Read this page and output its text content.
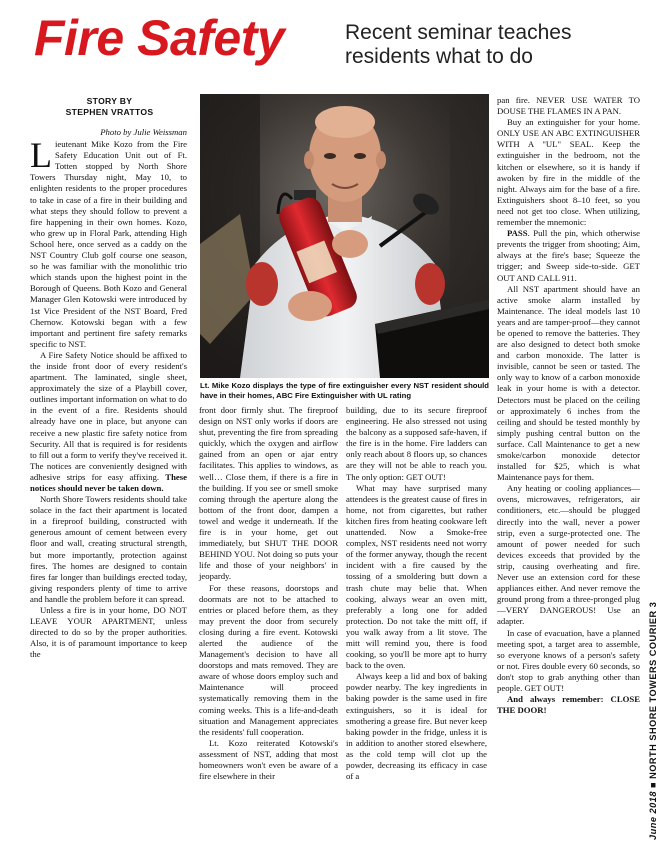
Fire Safety	Recent seminar teaches residents what to do
STORY BY
STEPHEN VRATTOS

Photo by Julie Weissman

Lieutenant Mike Kozo from the Fire Safety Education Unit out of Ft. Totten stopped by North Shore Towers Thursday night, May 10, to enlighten residents to the proper procedures to take in case of a fire in their building and what steps they should follow to prevent a fire happening in their own homes. Kozo, who grew up in Floral Park, attending High School here, once served as a caddy on the NST Country Club golf course one season, so he was familiar with the monolithic trio which stands upon the highest point in the Borough of Queens. Both Kozo and General Manager Glen Kotowski were introduced by 1st Vice President of the NST Board, Fred Chernow. Kotowski began with a few important and pertinent fire safety remarks specific to NST.

A Fire Safety Notice should be affixed to the inside front door of every resident's apartment. The laminated, single sheet, approximately the size of a Playbill cover, outlines important information on what to do in the event of a fire. Residents should already have one in place, but anyone can receive a new plastic fire safety notice from Security. All that is required is for residents to fill out a form to verify they've received it. The notices are conveniently designed with adhesive strips for easy affixing. These notices should never be taken down.

North Shore Towers residents should take solace in the fact their apartment is located in a fireproof building, constructed with generous amount of cement between every floor and wall, creating structural strength, but more importantly, protection against fires. The homes are designed to contain fires far longer than buildings erected today, giving responders plenty of time to arrive and handle the problem before it can spread.

Unless a fire is in your home, DO NOT LEAVE YOUR APARTMENT, unless directed to do so by the proper authorities. Also, it is of paramount importance to keep the

Lt. Mike Kozo displays the type of fire extinguisher every NST resident should have in their homes, ABC Fire Extinguisher with UL rating

front door firmly shut. The fireproof design on NST only works if doors are shut, preventing the fire from spreading quickly, which the oxygen and airflow gained from an open or ajar entry facilitates. This applies to windows, as well… Close them, if there is a fire in the building. If you see or smell smoke coming through the aperture along the bottom of the front door, dampen a towel and wedge it underneath. If the fire is in your home, get out immediately, but SHUT THE DOOR BEHIND YOU. Not doing so puts your life and those of your neighbors' in jeopardy.

For these reasons, doorstops and doormats are not to be attached to entries or placed before them, as they may prevent the door from securely closing during a fire event. Kotowski alerted the audience of the Management's decision to have all doorstops and mats removed. They are aware of whose doors employ such and Maintenance will proceed systematically removing them in the coming weeks. This is a life-and-death situation and Management appreciates the residents' full cooperation.

Lt. Kozo reiterated Kotowski's assessment of NST, adding that most homeowners won't even be aware of a fire elsewhere in their

building, due to its secure fireproof engineering. He also stressed not using the balcony as a supposed safe-haven, if the fire is in the home. Fire ladders can only reach about 8 floors up, so chances are they will not be able to reach you. The only option: GET OUT!

What may have surprised many attendees is the greatest cause of fires in home, not from cigarettes, but rather kitchen fires from heating cookware left unattended. Now a Smoke-free complex, NST residents need not worry of the former anyway, though the recent incident with a fire caused by the tossing of a smoldering butt down a trash chute may belie that. When cooking, always wear an oven mitt, preferably a long one for added protection. Do not take the mitt off, if you walk away from a lit stove. The mitt will remind you, there is food cooking, so you'll be more apt to hurry back to the oven.

Always keep a lid and box of baking powder nearby. The key ingredients in baking powder is the same used in fire extinguishers, so it is ideal for smothering a grease fire. But never keep baking powder in the fridge, unless it is in addition to another stored elsewhere, as the cold temp will clot up the powder, decreasing its efficacy in case of a

pan fire. NEVER USE WATER TO DOUSE THE FLAMES IN A PAN.

Buy an extinguisher for your home. ONLY USE AN ABC EXTINGUISHER WITH A "UL" SEAL. Keep the extinguisher in the bedroom, not the kitchen or elsewhere, so it is handy if awoken by fire in the middle of the night. Always aim for the base of a fire. Extinguishers shoot 8–10 feet, so you need not get too close. When utilizing, remember the mnemonic:

PASS. Pull the pin, which otherwise prevents the trigger from shooting; Aim, always at the fire's base; Squeeze the trigger; and Sweep side-to-side. GET OUT AND CALL 911.

All NST apartment should have an active smoke alarm installed by Maintenance. The ideal models last 10 years and are tamper-proof—they cannot be opened to remove the batteries. They are also designed to detect both smoke and carbon monoxide. The latter is invisible, cannot be seen or tasted. The only way to know of a carbon monoxide leak in your home is with a detector. Detectors must be placed on the ceiling or approximately 6 inches from the ceiling and should be tested monthly by simply pushing central button on the surface. Call Maintenance to get a new smoke/carbon monoxide detector installed for $25, which is what Maintenance pays for them.

Any heating or cooling appliances—ovens, microwaves, refrigerators, air conditioners, etc.—should be plugged directly into the wall, never a power strip, even a surge-protected one. The amount of power needed for such devices exceeds that provided by the strip, causing overheating and fire. Never use an extension cord for these appliances either. And never remove the ground prong from a three-pronged plug—VERY DANGEROUS! Use an adapter.

In case of evacuation, have a planned meeting spot, a target area to assemble, so everyone knows of a person's safety or not. Fires double every 60 seconds, so don't stop to grab anything other than people. GET OUT!

And always remember: CLOSE THE DOOR!

June 2018 ■ NORTH SHORE TOWERS COURIER 3
